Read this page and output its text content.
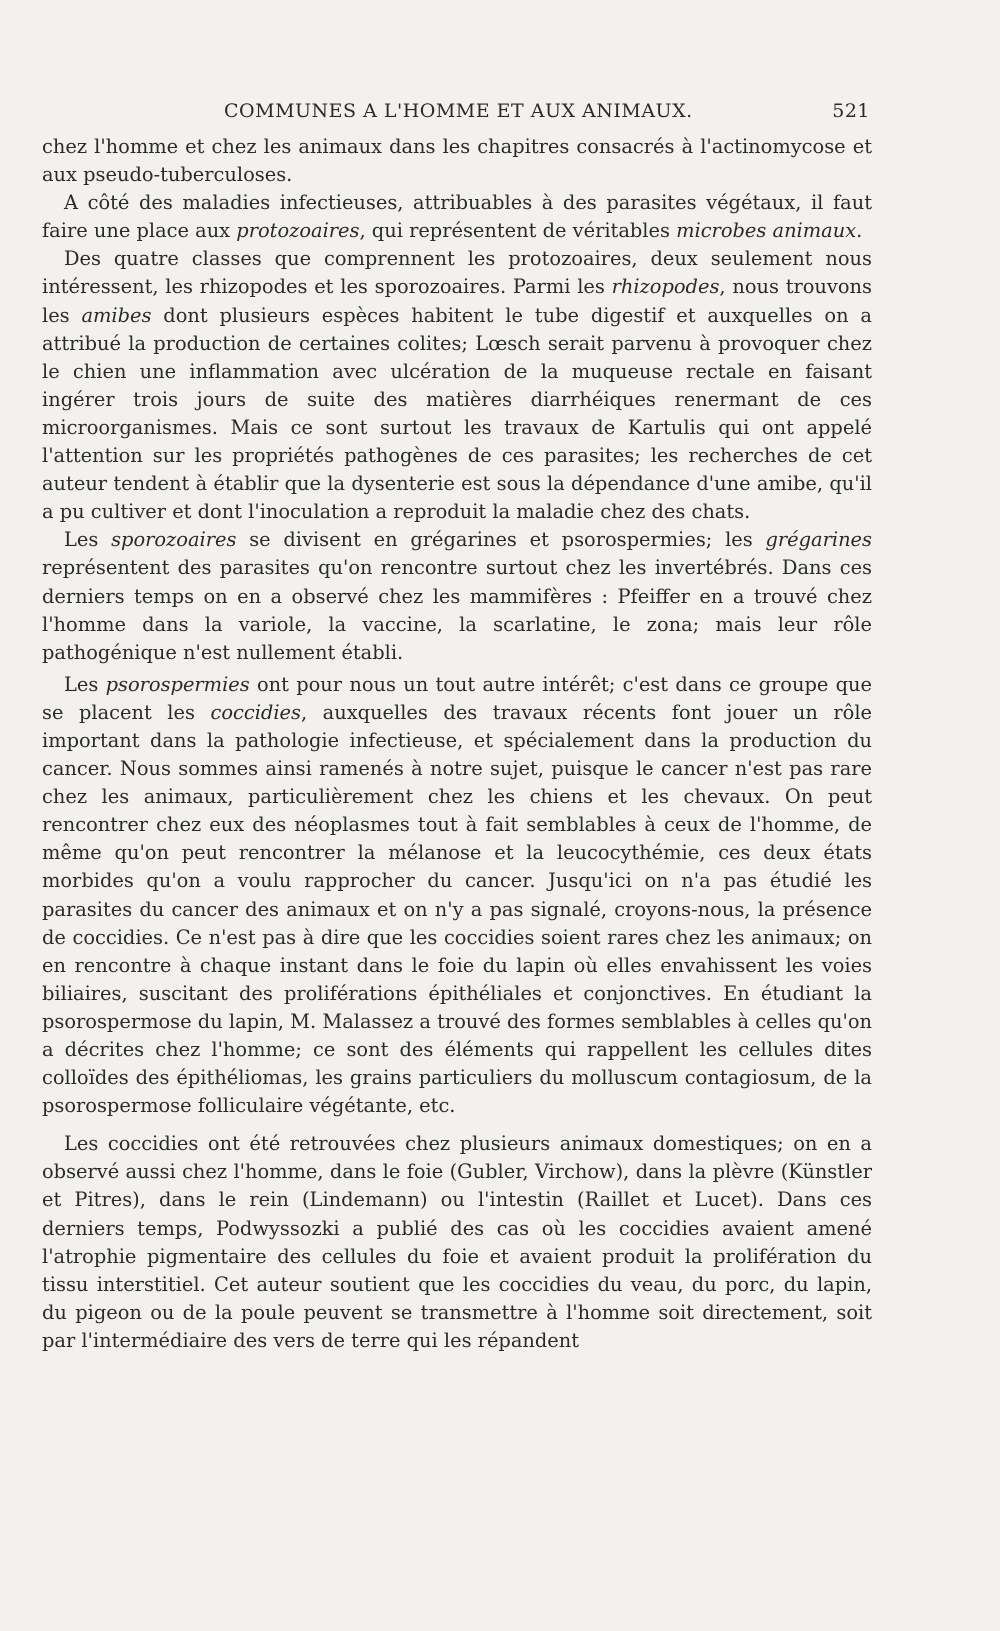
COMMUNES A L'HOMME ET AUX ANIMAUX.	521

chez l'homme et chez les animaux dans les chapitres consacrés à l'actinomycose et aux pseudo-tuberculoses.

A côté des maladies infectieuses, attribuables à des parasites végétaux, il faut faire une place aux protozoaires, qui représentent de véritables microbes animaux.

Des quatre classes que comprennent les protozoaires, deux seulement nous intéressent, les rhizopodes et les sporozoaires. Parmi les rhizopodes, nous trouvons les amibes dont plusieurs espèces habitent le tube digestif et auxquelles on a attribué la production de certaines colites; Lœsch serait parvenu à provoquer chez le chien une inflammation avec ulcération de la muqueuse rectale en faisant ingérer trois jours de suite des matières diarrhéiques renermant de ces microorganismes. Mais ce sont surtout les travaux de Kartulis qui ont appelé l'attention sur les propriétés pathogènes de ces parasites; les recherches de cet auteur tendent à établir que la dysenterie est sous la dépendance d'une amibe, qu'il a pu cultiver et dont l'inoculation a reproduit la maladie chez des chats.

Les sporozoaires se divisent en grégarines et psorospermies; les grégarines représentent des parasites qu'on rencontre surtout chez les invertébrés. Dans ces derniers temps on en a observé chez les mammifères : Pfeiffer en a trouvé chez l'homme dans la variole, la vaccine, la scarlatine, le zona; mais leur rôle pathogénique n'est nullement établi.

Les psorospermies ont pour nous un tout autre intérêt; c'est dans ce groupe que se placent les coccidies, auxquelles des travaux récents font jouer un rôle important dans la pathologie infectieuse, et spécialement dans la production du cancer. Nous sommes ainsi ramenés à notre sujet, puisque le cancer n'est pas rare chez les animaux, particulièrement chez les chiens et les chevaux. On peut rencontrer chez eux des néoplasmes tout à fait semblables à ceux de l'homme, de même qu'on peut rencontrer la mélanose et la leucocythémie, ces deux états morbides qu'on a voulu rapprocher du cancer. Jusqu'ici on n'a pas étudié les parasites du cancer des animaux et on n'y a pas signalé, croyons-nous, la présence de coccidies. Ce n'est pas à dire que les coccidies soient rares chez les animaux; on en rencontre à chaque instant dans le foie du lapin où elles envahissent les voies biliaires, suscitant des proliférations épithéliales et conjonctives. En étudiant la psorospermose du lapin, M. Malassez a trouvé des formes semblables à celles qu'on a décrites chez l'homme; ce sont des éléments qui rappellent les cellules dites colloïdes des épithéliomas, les grains particuliers du molluscum contagiosum, de la psorospermose folliculaire végétante, etc.

Les coccidies ont été retrouvées chez plusieurs animaux domestiques; on en a observé aussi chez l'homme, dans le foie (Gubler, Virchow), dans la plèvre (Künstler et Pitres), dans le rein (Lindemann) ou l'intestin (Raillet et Lucet). Dans ces derniers temps, Podwyssozki a publié des cas où les coccidies avaient amené l'atrophie pigmentaire des cellules du foie et avaient produit la prolifération du tissu interstitiel. Cet auteur soutient que les coccidies du veau, du porc, du lapin, du pigeon ou de la poule peuvent se transmettre à l'homme soit directement, soit par l'intermédiaire des vers de terre qui les répandent
